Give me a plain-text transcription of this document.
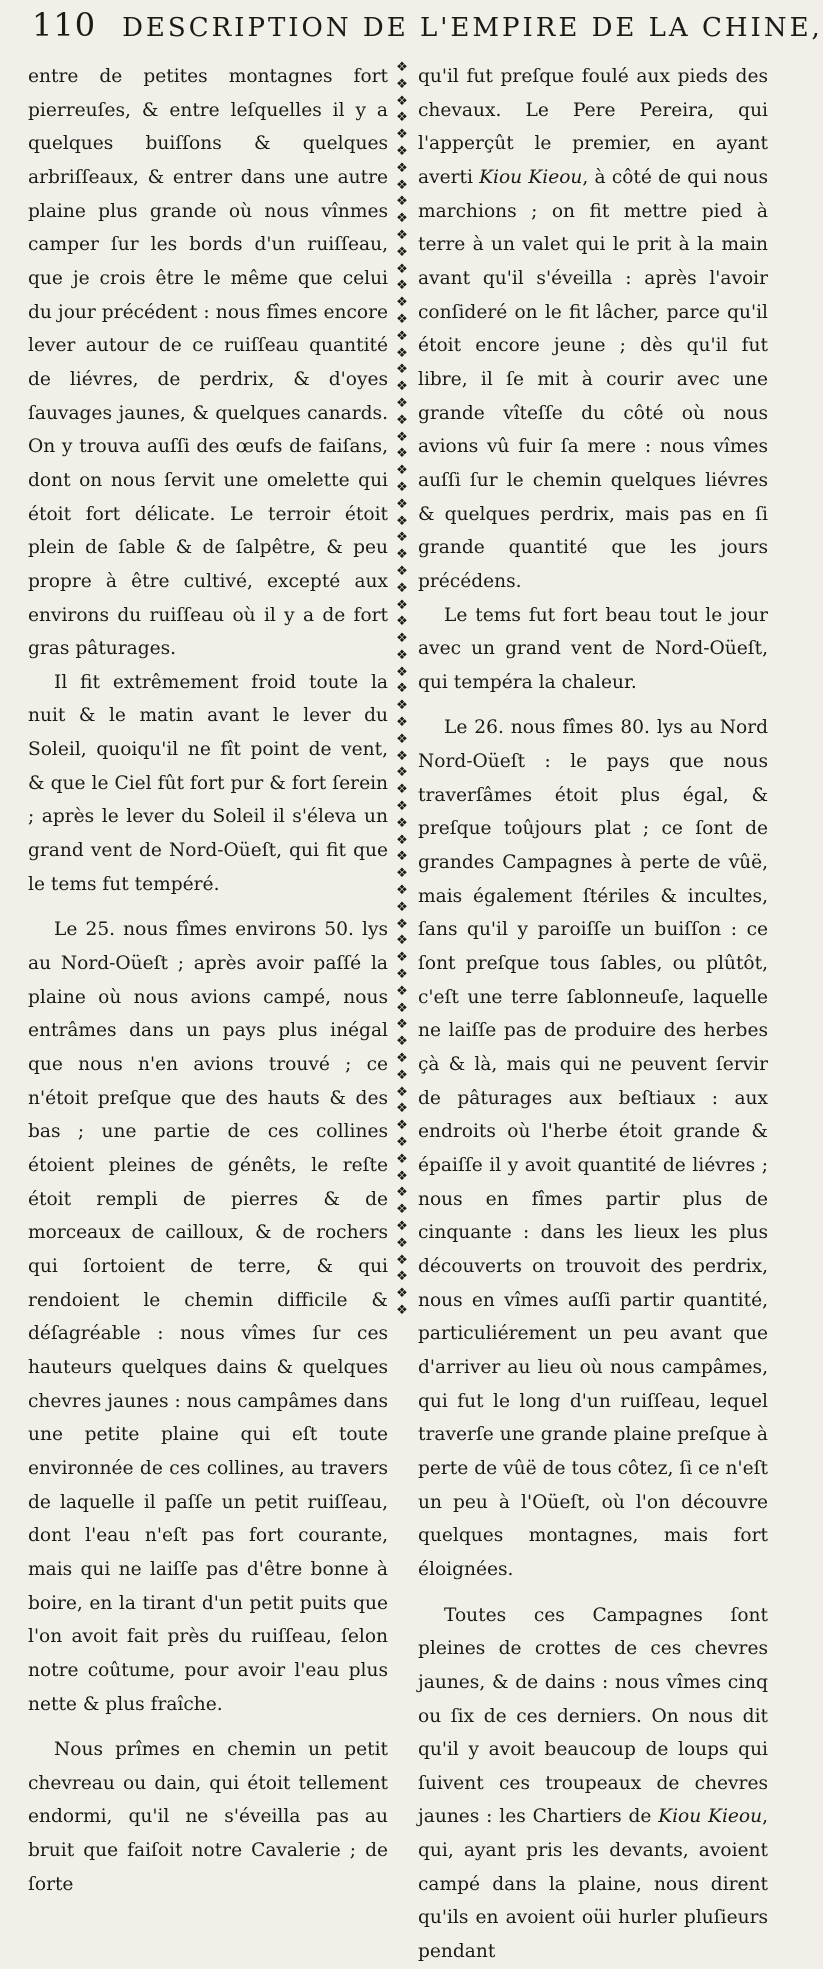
110 DESCRIPTION DE L'EMPIRE DE LA CHINE,

entre de petites montagnes fort pierreuſes, & entre leſquelles il y a quelques buiſſons & quelques arbriſſeaux, & entrer dans une autre plaine plus grande où nous vînmes camper ſur les bords d'un ruiſſeau, que je crois être le même que celui du jour précédent : nous fîmes encore lever autour de ce ruiſſeau quantité de liévres, de perdrix, & d'oyes ſauvages jaunes, & quelques canards. On y trouva auſſi des œufs de faiſans, dont on nous ſervit une omelette qui étoit fort délicate. Le terroir étoit plein de ſable & de ſalpêtre, & peu propre à être cultivé, excepté aux environs du ruiſſeau où il y a de fort gras pâturages.

Il fit extrêmement froid toute la nuit & le matin avant le lever du Soleil, quoiqu'il ne fît point de vent, & que le Ciel fût fort pur & fort ſerein ; après le lever du Soleil il s'éleva un grand vent de Nord-Oüeſt, qui fit que le tems fut tempéré.

Le 25. nous fîmes environs 50. lys au Nord-Oüeſt ; après avoir paſſé la plaine où nous avions campé, nous entrâmes dans un pays plus inégal que nous n'en avions trouvé ; ce n'étoit preſque que des hauts & des bas ; une partie de ces collines étoient pleines de génêts, le reſte étoit rempli de pierres & de morceaux de cailloux, & de rochers qui ſortoient de terre, & qui rendoient le chemin difficile & déſagréable : nous vîmes ſur ces hauteurs quelques dains & quelques chevres jaunes : nous campâmes dans une petite plaine qui eſt toute environnée de ces collines, au travers de laquelle il paſſe un petit ruiſſeau, dont l'eau n'eſt pas fort courante, mais qui ne laiſſe pas d'être bonne à boire, en la tirant d'un petit puits que l'on avoit fait près du ruiſſeau, ſelon notre coûtume, pour avoir l'eau plus nette & plus fraîche.

Nous prîmes en chemin un petit chevreau ou dain, qui étoit tellement endormi, qu'il ne s'éveilla pas au bruit que faiſoit notre Cavalerie ; de ſorte

❖
❖
❖
❖
❖
❖
❖
❖
❖
❖
❖
❖
❖
❖
❖
❖
❖
❖
❖
❖
❖
❖
❖
❖
❖
❖
❖
❖
❖
❖
❖
❖
❖
❖
❖
❖
❖
❖
❖
❖
❖
❖
❖
❖
❖
❖
❖
❖
❖
❖
❖
❖
❖
❖
❖
❖
❖
❖
❖
❖
❖
❖
❖
❖
❖
❖
❖
❖
❖
❖
❖
❖
❖
❖
❖

qu'il fut preſque foulé aux pieds des chevaux. Le Pere Pereira, qui l'apperçût le premier, en ayant averti Kiou Kieou, à côté de qui nous marchions ; on fit mettre pied à terre à un valet qui le prit à la main avant qu'il s'éveilla : après l'avoir conſideré on le fit lâcher, parce qu'il étoit encore jeune ; dès qu'il fut libre, il ſe mit à courir avec une grande vîteſſe du côté où nous avions vû fuir ſa mere : nous vîmes auſſi ſur le chemin quelques liévres & quelques perdrix, mais pas en ſi grande quantité que les jours précédens.

Le tems fut fort beau tout le jour avec un grand vent de Nord-Oüeſt, qui tempéra la chaleur.

Le 26. nous fîmes 80. lys au Nord Nord-Oüeſt : le pays que nous traverſâmes étoit plus égal, & preſque toûjours plat ; ce ſont de grandes Campagnes à perte de vûë, mais également ſtériles & incultes, ſans qu'il y paroiſſe un buiſſon : ce ſont preſque tous ſables, ou plûtôt, c'eſt une terre ſablonneuſe, laquelle ne laiſſe pas de produire des herbes çà & là, mais qui ne peuvent ſervir de pâturages aux beſtiaux : aux endroits où l'herbe étoit grande & épaiſſe il y avoit quantité de liévres ; nous en fîmes partir plus de cinquante : dans les lieux les plus découverts on trouvoit des perdrix, nous en vîmes auſſi partir quantité, particuliérement un peu avant que d'arriver au lieu où nous campâmes, qui fut le long d'un ruiſſeau, lequel traverſe une grande plaine preſque à perte de vûë de tous côtez, ſi ce n'eſt un peu à l'Oüeſt, où l'on découvre quelques montagnes, mais fort éloignées.

Toutes ces Campagnes ſont pleines de crottes de ces chevres jaunes, & de dains : nous vîmes cinq ou ſix de ces derniers. On nous dit qu'il y avoit beaucoup de loups qui ſuivent ces troupeaux de chevres jaunes : les Chartiers de Kiou Kieou, qui, ayant pris les devants, avoient campé dans la plaine, nous dirent qu'ils en avoient oüi hurler pluſieurs pendant
